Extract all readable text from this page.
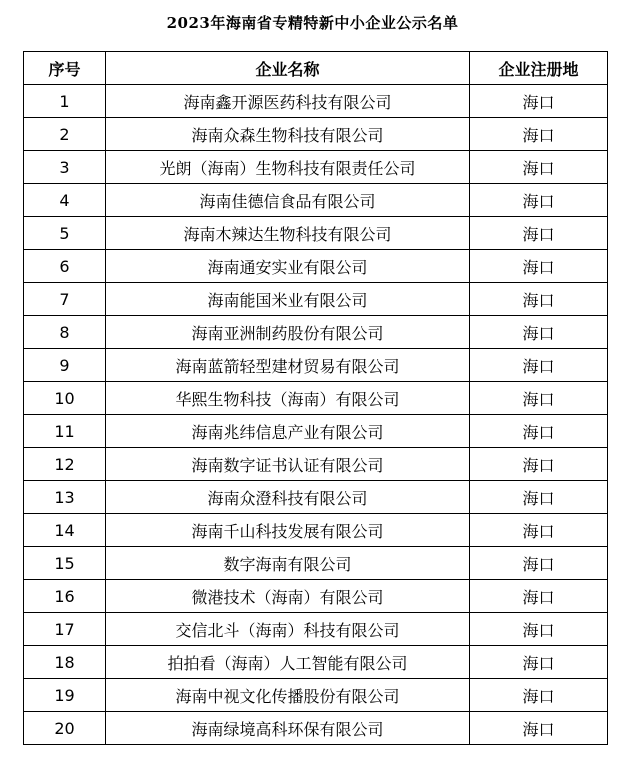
2023年海南省专精特新中小企业公示名单
序号	企业名称	企业注册地
1	海南鑫开源医药科技有限公司	海口
2	海南众森生物科技有限公司	海口
3	光朗（海南）生物科技有限责任公司	海口
4	海南佳德信食品有限公司	海口
5	海南木辣达生物科技有限公司	海口
6	海南通安实业有限公司	海口
7	海南能国米业有限公司	海口
8	海南亚洲制药股份有限公司	海口
9	海南蓝箭轻型建材贸易有限公司	海口
10	华熙生物科技（海南）有限公司	海口
11	海南兆纬信息产业有限公司	海口
12	海南数字证书认证有限公司	海口
13	海南众澄科技有限公司	海口
14	海南千山科技发展有限公司	海口
15	数字海南有限公司	海口
16	微港技术（海南）有限公司	海口
17	交信北斗（海南）科技有限公司	海口
18	拍拍看（海南）人工智能有限公司	海口
19	海南中视文化传播股份有限公司	海口
20	海南绿境高科环保有限公司	海口
